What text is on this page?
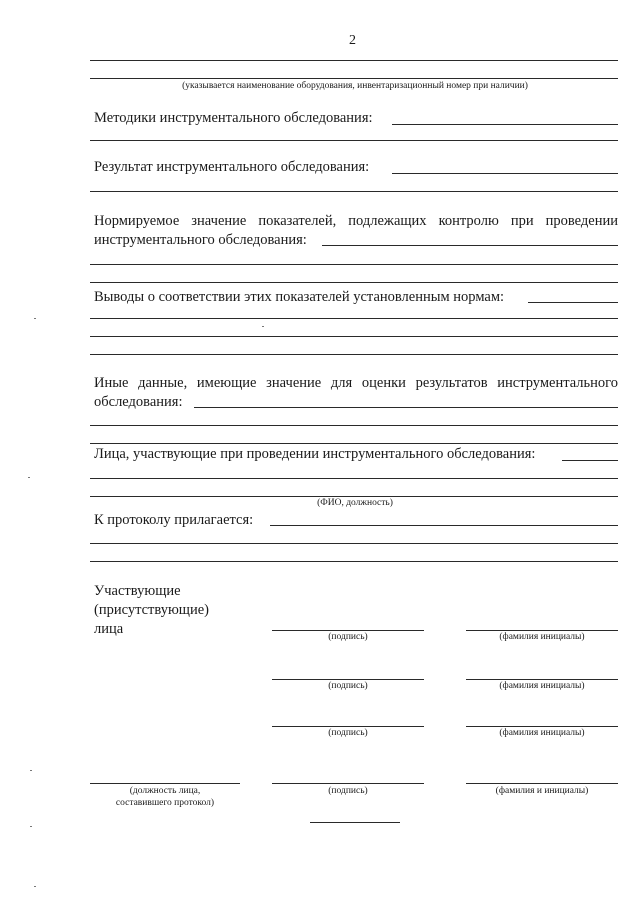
2
(указывается наименование оборудования, инвентаризационный номер при наличии)
Методики инструментального обследования:
Результат инструментального обследования:
Нормируемое значение показателей, подлежащих контролю при проведении
инструментального обследования:
Выводы о соответствии этих показателей установленным нормам:
Иные данные, имеющие значение для оценки результатов инструментального
обследования:
Лица, участвующие при проведении инструментального обследования:
(ФИО, должность)
К протоколу прилагается:
Участвующие
(присутствующие)
лица	(подпись)	(фамилия инициалы)
(подпись)	(фамилия инициалы)
(подпись)	(фамилия инициалы)
(должность лица,
составившего протокол)
(подпись)	(фамилия и инициалы)
